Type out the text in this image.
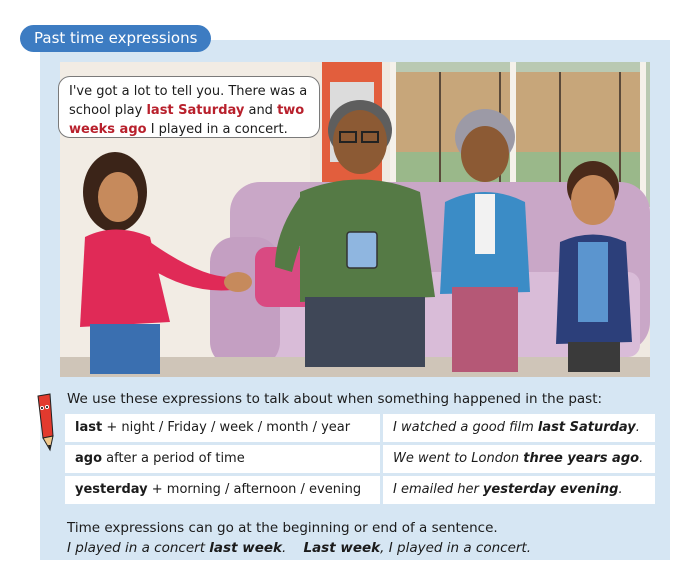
Past time expressions
I've got a lot to tell you. There was a school play last Saturday and two weeks ago I played in a concert.
We use these expressions to talk about when something happened in the past:
last + night / Friday / week / month / year	I watched a good film last Saturday.
ago after a period of time	We went to London three years ago.
yesterday + morning / afternoon / evening	I emailed her yesterday evening.
Time expressions can go at the beginning or end of a sentence.
I played in a concert last week. Last week, I played in a concert.
